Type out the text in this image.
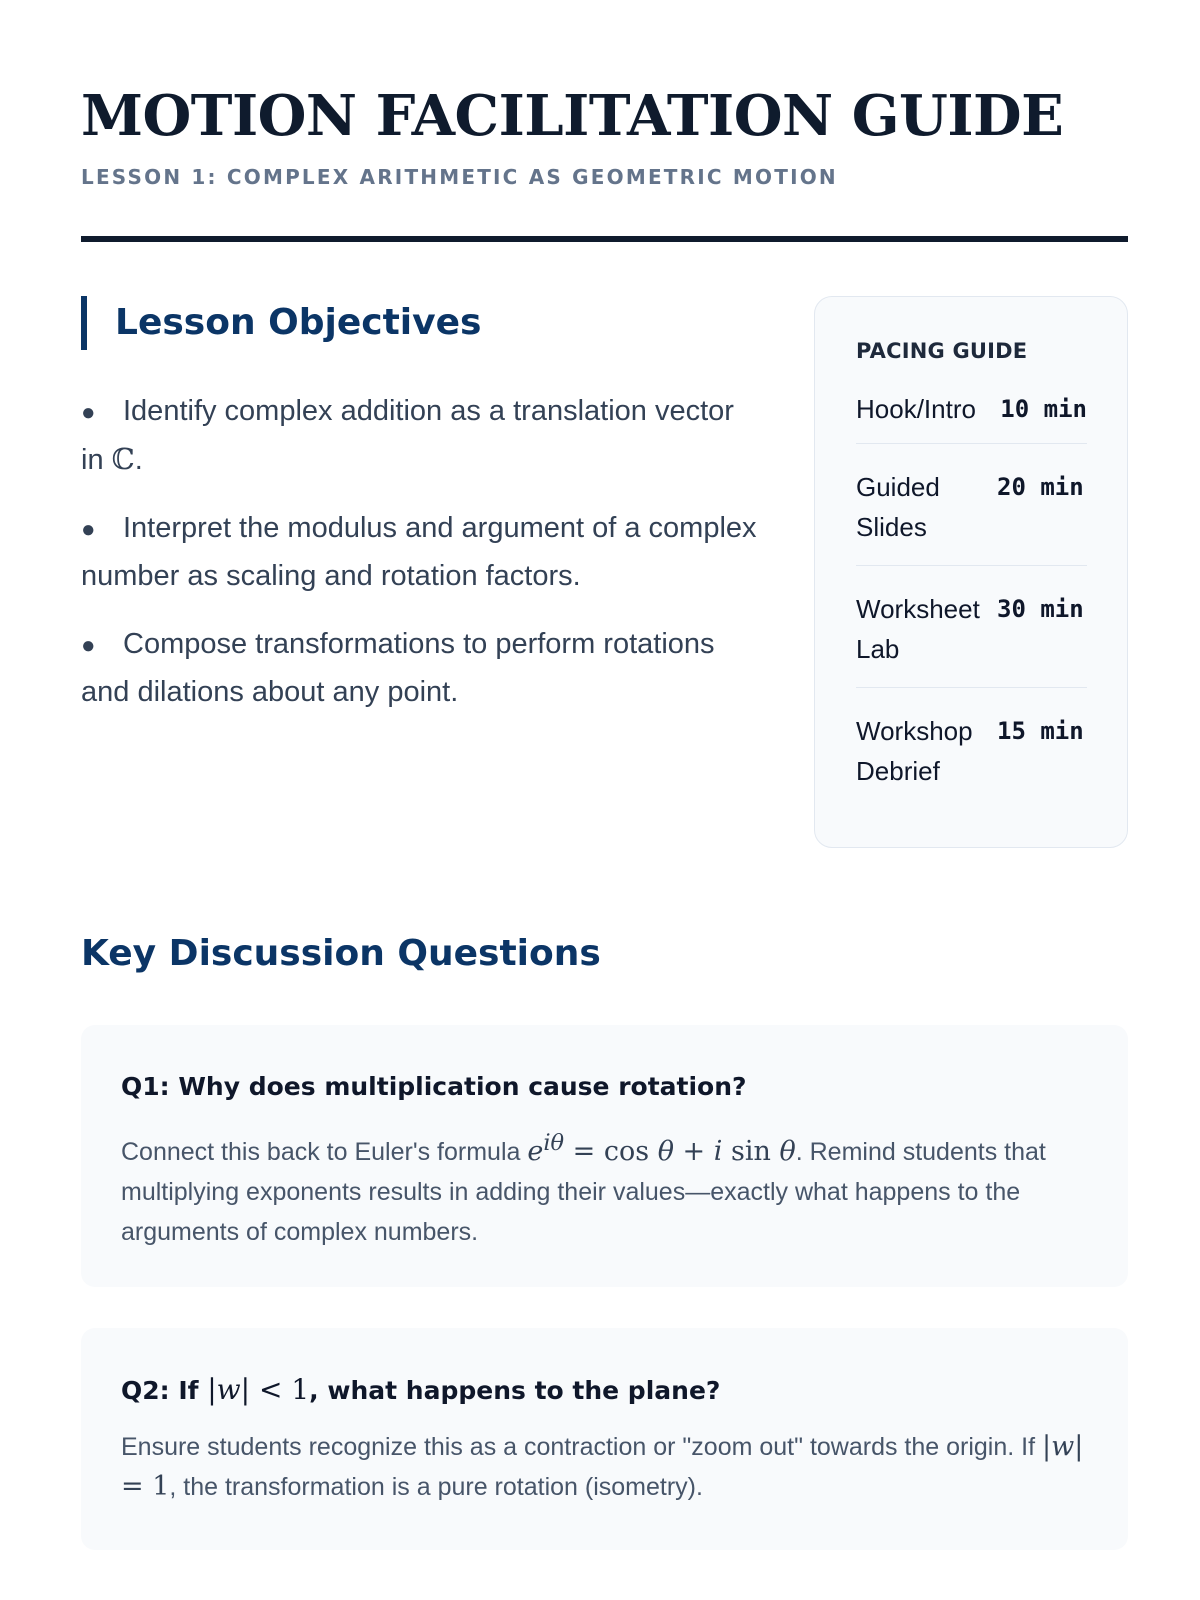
MOTION FACILITATION GUIDE
LESSON 1: COMPLEX ARITHMETIC AS GEOMETRIC MOTION
Lesson Objectives
● Identify complex addition as a translation vector in ℂ.
● Interpret the modulus and argument of a complex number as scaling and rotation factors.
● Compose transformations to perform rotations and dilations about any point.
PACING GUIDE
Hook/Intro	10 min
Guided Slides
20 min
Worksheet Lab
30 min
Workshop Debrief
15 min
Key Discussion Questions
Q1: Why does multiplication cause rotation?

Connect this back to Euler's formula $e^{i\theta} = \cos \theta + i$ sin θ. Remind students that multiplying exponents results in adding their values—exactly what happens to the arguments of complex numbers.

Q2: If |w| < 1, what happens to the plane?

Ensure students recognize this as a contraction or "zoom out" towards the origin. If |w| = 1, the transformation is a pure rotation (isometry).
